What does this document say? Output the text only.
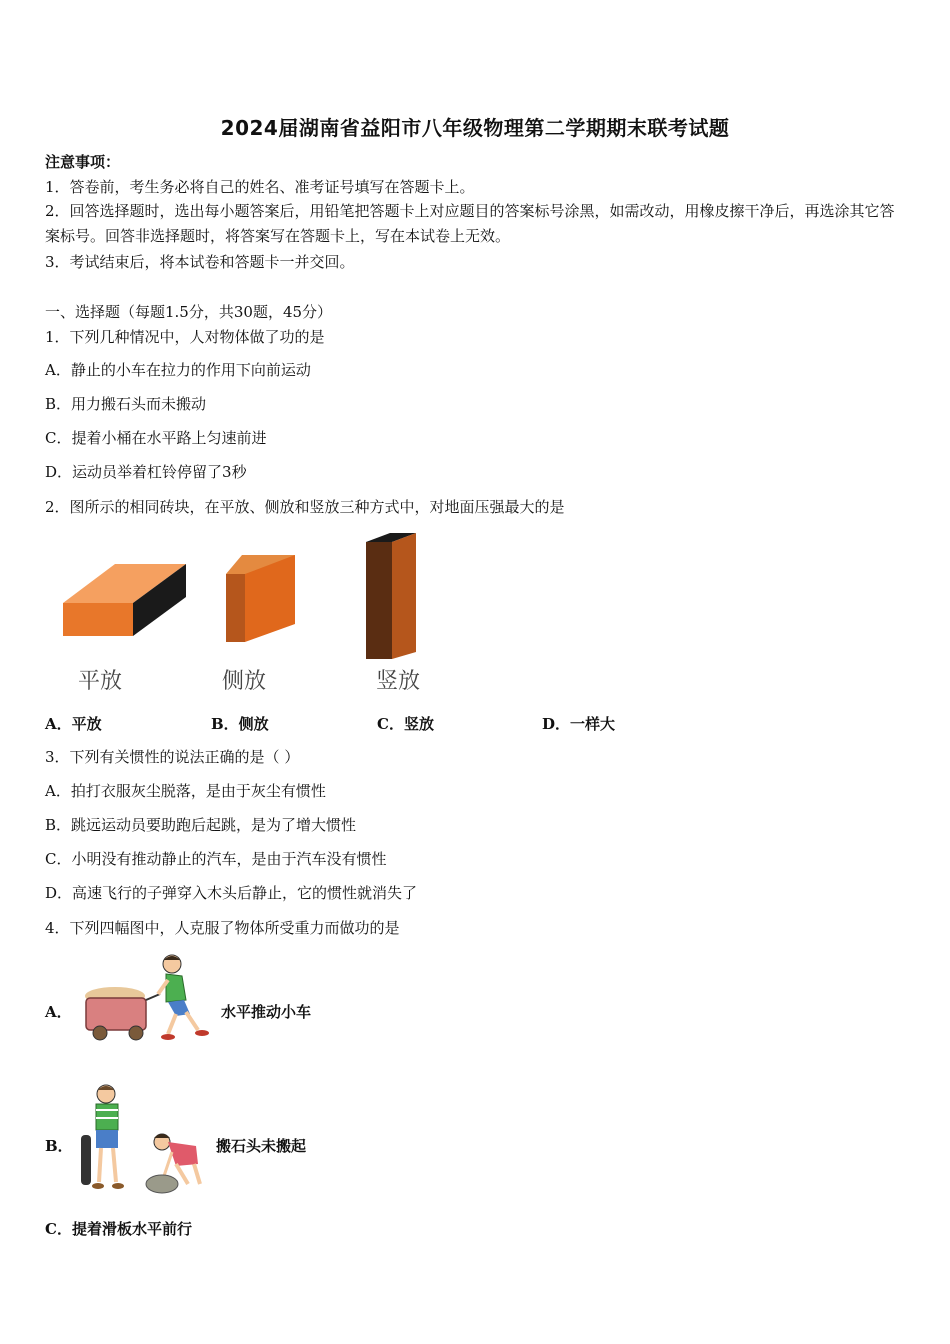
2024届湖南省益阳市八年级物理第二学期期末联考试题
注意事项：
1．答卷前，考生务必将自己的姓名、准考证号填写在答题卡上。
2．回答选择题时，选出每小题答案后，用铅笔把答题卡上对应题目的答案标号涂黑，如需改动，用橡皮擦干净后，再选涂其它答案标号。回答非选择题时，将答案写在答题卡上，写在本试卷上无效。
3．考试结束后，将本试卷和答题卡一并交回。
一、选择题（每题1.5分，共30题，45分）
1．下列几种情况中，人对物体做了功的是
A．静止的小车在拉力的作用下向前运动
B．用力搬石头而未搬动
C．提着小桶在水平路上匀速前进
D．运动员举着杠铃停留了3秒
2．图所示的相同砖块，在平放、侧放和竖放三种方式中，对地面压强最大的是
平放	侧放	竖放
A．平放	B．侧放	C．竖放	D．一样大
3．下列有关惯性的说法正确的是（ ）
A．拍打衣服灰尘脱落，是由于灰尘有惯性
B．跳远运动员要助跑后起跳，是为了增大惯性
C．小明没有推动静止的汽车，是由于汽车没有惯性
D．高速飞行的子弹穿入木头后静止，它的惯性就消失了
4．下列四幅图中，人克服了物体所受重力而做功的是
A．	水平推动小车
B．	搬石头未搬起
C．提着滑板水平前行
